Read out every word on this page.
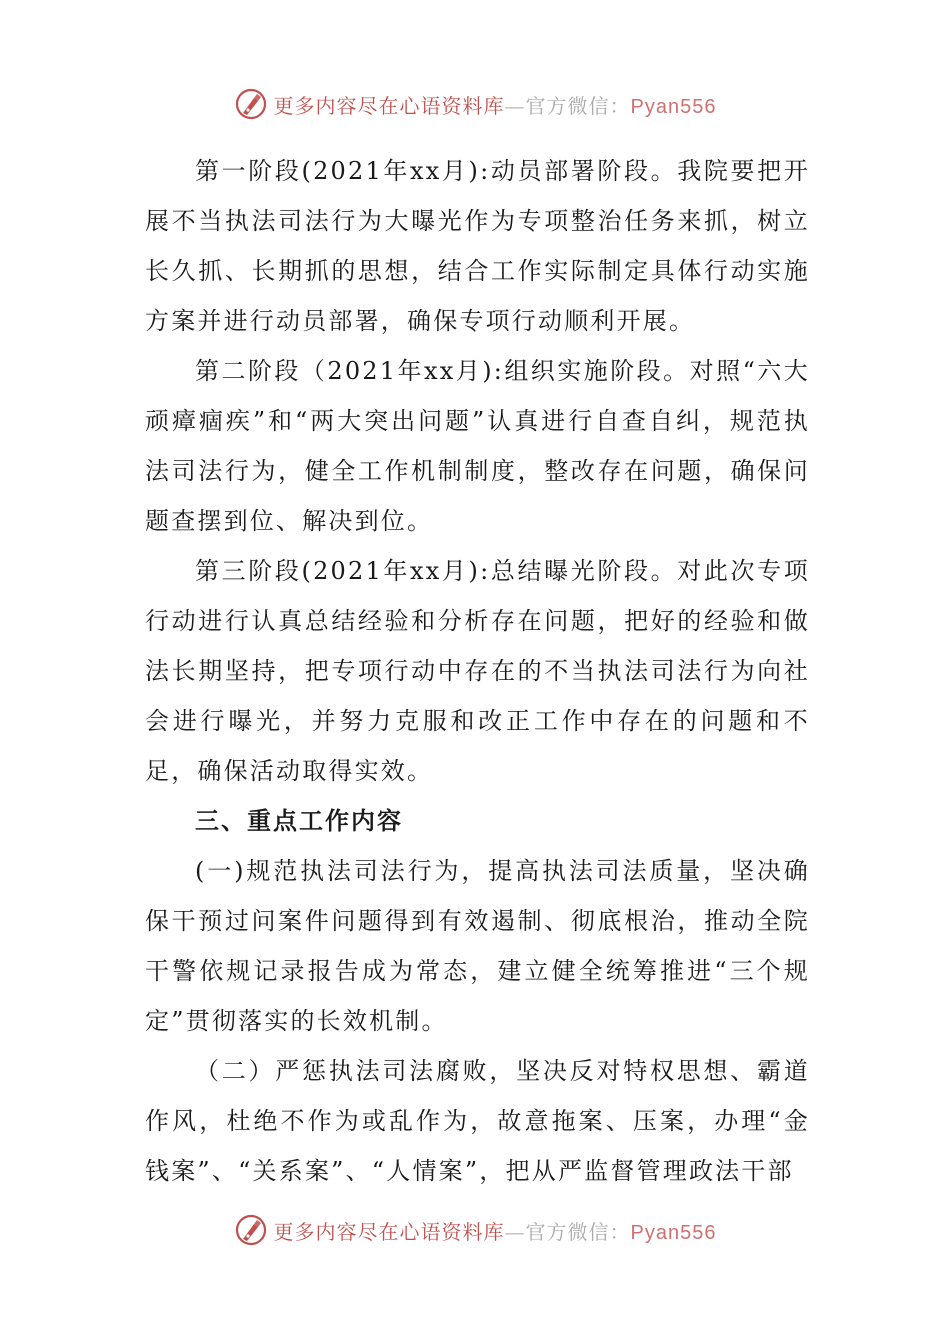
更多内容尽在心语资料库—官方微信：Pyan556

第一阶段(2021年xx月):动员部署阶段。我院要把开展不当执法司法行为大曝光作为专项整治任务来抓，树立长久抓、长期抓的思想，结合工作实际制定具体行动实施方案并进行动员部署，确保专项行动顺利开展。

第二阶段（2021年xx月):组织实施阶段。对照“六大顽瘴痼疾”和“两大突出问题”认真进行自查自纠，规范执法司法行为，健全工作机制制度，整改存在问题，确保问题查摆到位、解决到位。

第三阶段(2021年xx月):总结曝光阶段。对此次专项行动进行认真总结经验和分析存在问题，把好的经验和做法长期坚持，把专项行动中存在的不当执法司法行为向社会进行曝光，并努力克服和改正工作中存在的问题和不足，确保活动取得实效。

三、重点工作内容

(一)规范执法司法行为，提高执法司法质量，坚决确保干预过问案件问题得到有效遏制、彻底根治，推动全院干警依规记录报告成为常态，建立健全统筹推进“三个规定”贯彻落实的长效机制。

（二）严惩执法司法腐败，坚决反对特权思想、霸道作风，杜绝不作为或乱作为，故意拖案、压案，办理“金钱案”、“关系案”、“人情案”，把从严监督管理政法干部

更多内容尽在心语资料库—官方微信：Pyan556
